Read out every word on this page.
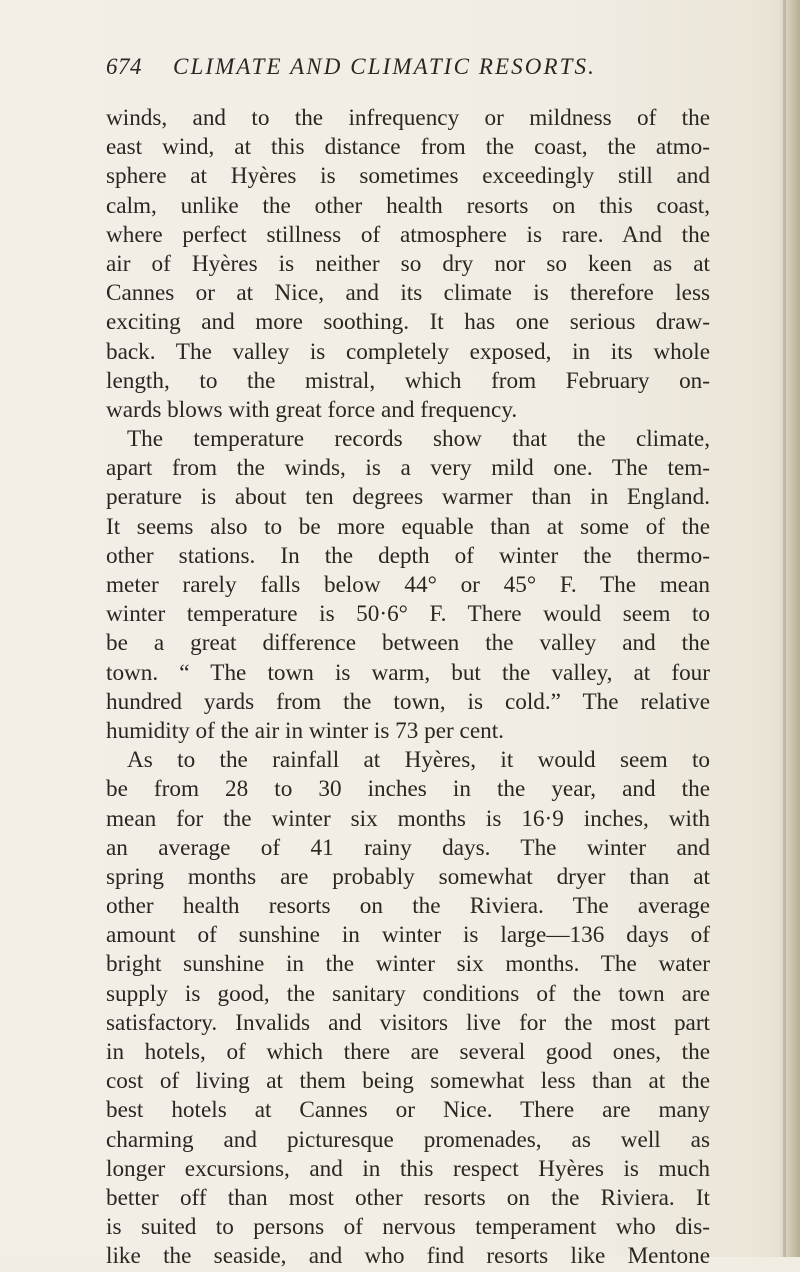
674 CLIMATE AND CLIMATIC RESORTS.
winds, and to the infrequency or mildness of the
east wind, at this distance from the coast, the atmo-
sphere at Hyères is sometimes exceedingly still and
calm, unlike the other health resorts on this coast,
where perfect stillness of atmosphere is rare. And the
air of Hyères is neither so dry nor so keen as at
Cannes or at Nice, and its climate is therefore less
exciting and more soothing. It has one serious draw-
back. The valley is completely exposed, in its whole
length, to the mistral, which from February on-
wards blows with great force and frequency.
The temperature records show that the climate,
apart from the winds, is a very mild one. The tem-
perature is about ten degrees warmer than in England.
It seems also to be more equable than at some of the
other stations. In the depth of winter the thermo-
meter rarely falls below 44° or 45° F. The mean
winter temperature is 50·6° F. There would seem to
be a great difference between the valley and the
town. “ The town is warm, but the valley, at four
hundred yards from the town, is cold.” The relative
humidity of the air in winter is 73 per cent.
As to the rainfall at Hyères, it would seem to
be from 28 to 30 inches in the year, and the
mean for the winter six months is 16·9 inches, with
an average of 41 rainy days. The winter and
spring months are probably somewhat dryer than at
other health resorts on the Riviera. The average
amount of sunshine in winter is large—136 days of
bright sunshine in the winter six months. The water
supply is good, the sanitary conditions of the town are
satisfactory. Invalids and visitors live for the most part
in hotels, of which there are several good ones, the
cost of living at them being somewhat less than at the
best hotels at Cannes or Nice. There are many
charming and picturesque promenades, as well as
longer excursions, and in this respect Hyères is much
better off than most other resorts on the Riviera. It
is suited to persons of nervous temperament who dis-
like the seaside, and who find resorts like Mentone
